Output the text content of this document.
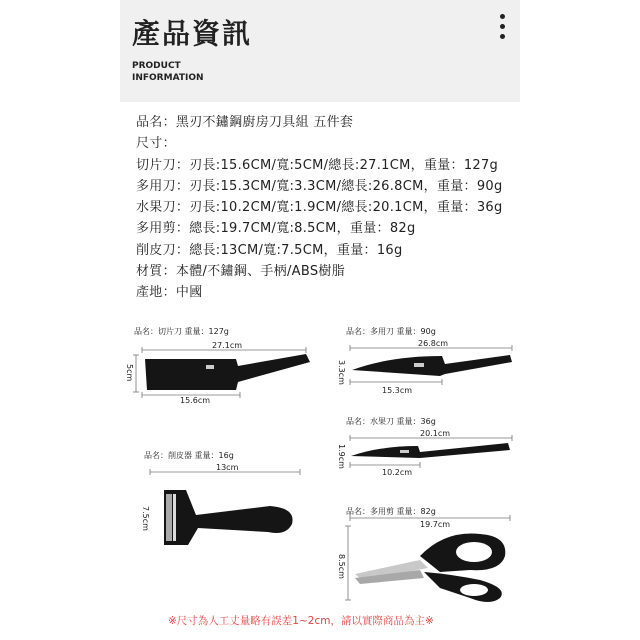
產品資訊
PRODUCT
INFORMATION
品名：黑刃不鏽鋼廚房刀具組 五件套
尺寸：
切片刀：刃長:15.6CM/寬:5CM/總長:27.1CM，重量：127g
多用刀：刃長:15.3CM/寬:3.3CM/總長:26.8CM，重量：90g
水果刀：刃長:10.2CM/寬:1.9CM/總長:20.1CM，重量：36g
多用剪：總長:19.7CM/寬:8.5CM，重量：82g
削皮刀：總長:13CM/寬:7.5CM，重量：16g
材質：本體/不鏽鋼、手柄/ABS樹脂
產地：中國
品名：切片刀 重量：127g
27.1cm
5cm
15.6cm
品名：多用刀 重量：90g
26.8cm
3.3cm
15.3cm
品名：水果刀 重量：36g
20.1cm
1.9cm
10.2cm
品名：削皮器 重量：16g
13cm
7.5cm	品名：多用剪 重量：82g
19.7cm
8.5cm
※尺寸為人工丈量略有誤差1~2cm，請以實際商品為主※
